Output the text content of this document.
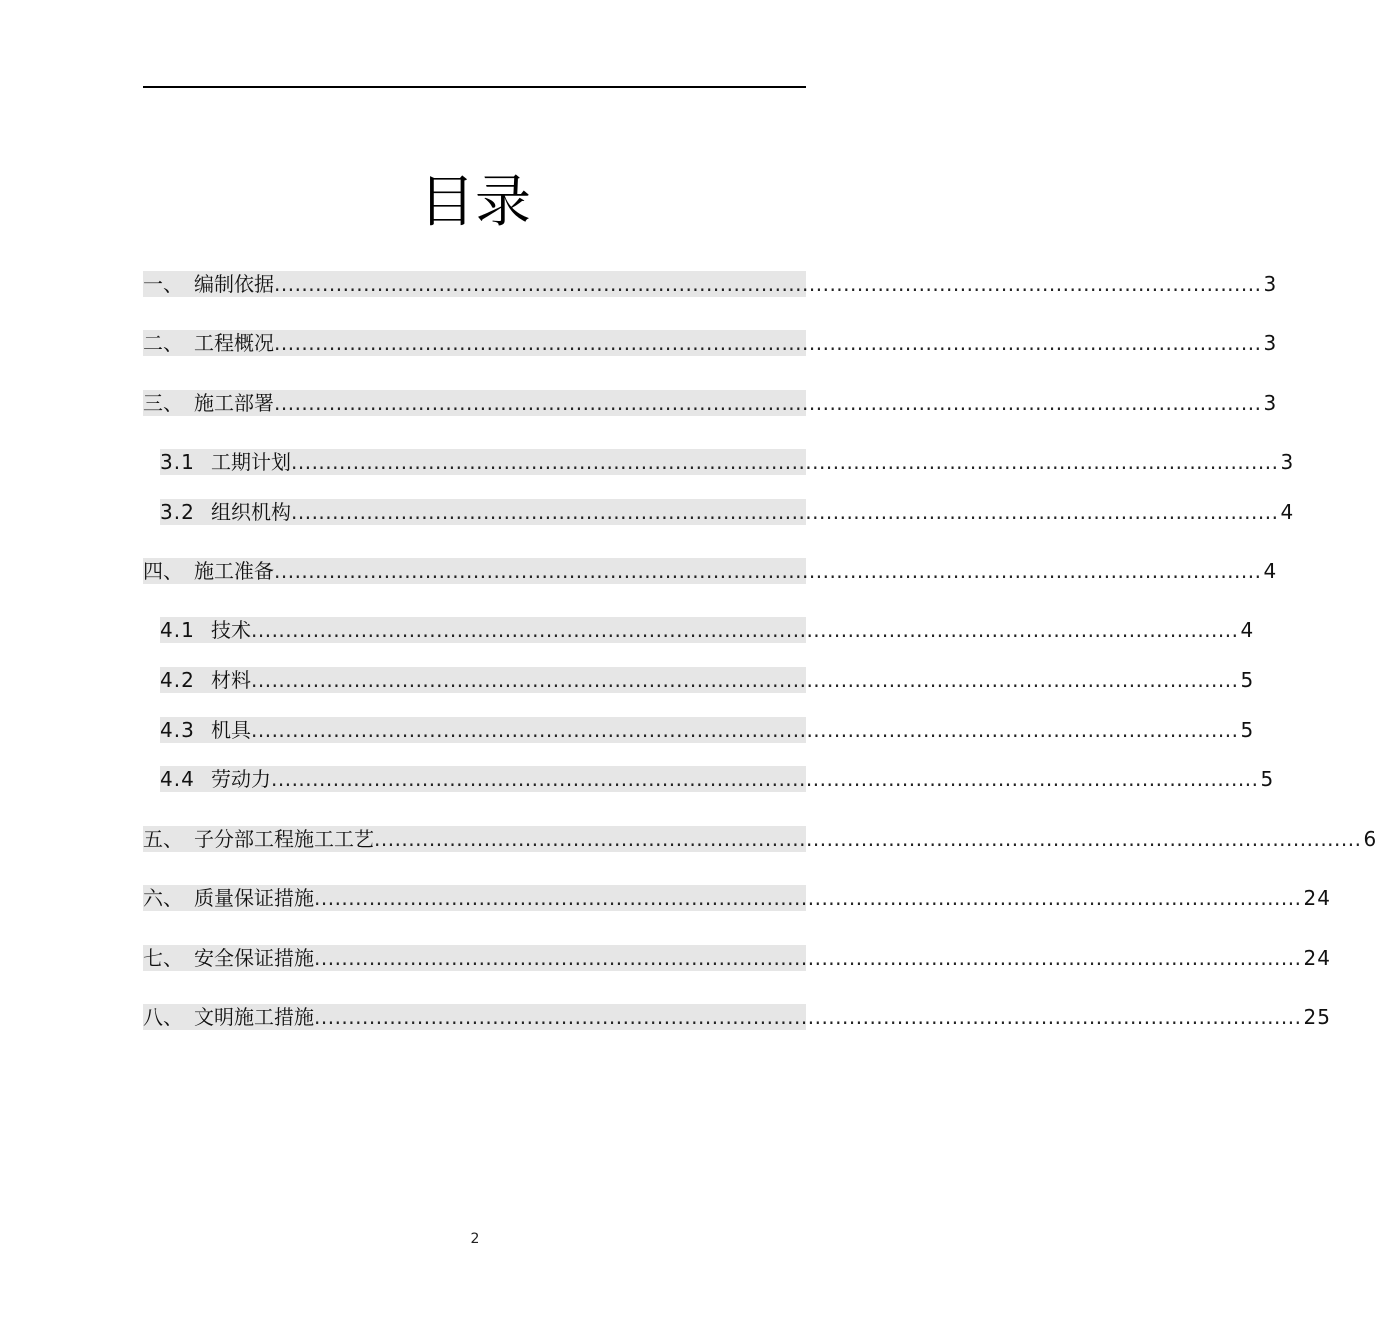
目录
一、 编制依据 ................................................................................................................................................ 3
二、 工程概况 ................................................................................................................................................ 3
三、 施工部署 ................................................................................................................................................ 3
3.1 工期计划 ................................................................................................................................................ 3
3.2 组织机构 ................................................................................................................................................ 4
四、 施工准备 ................................................................................................................................................ 4
4.1 技术 ................................................................................................................................................ 4
4.2 材料 ................................................................................................................................................ 5
4.3 机具 ................................................................................................................................................ 5
4.4 劳动力 ................................................................................................................................................ 5
五、 子分部工程施工工艺 ................................................................................................................................................ 6
六、 质量保证措施 ................................................................................................................................................ 24
七、 安全保证措施 ................................................................................................................................................ 24
八、 文明施工措施 ................................................................................................................................................ 25
2
